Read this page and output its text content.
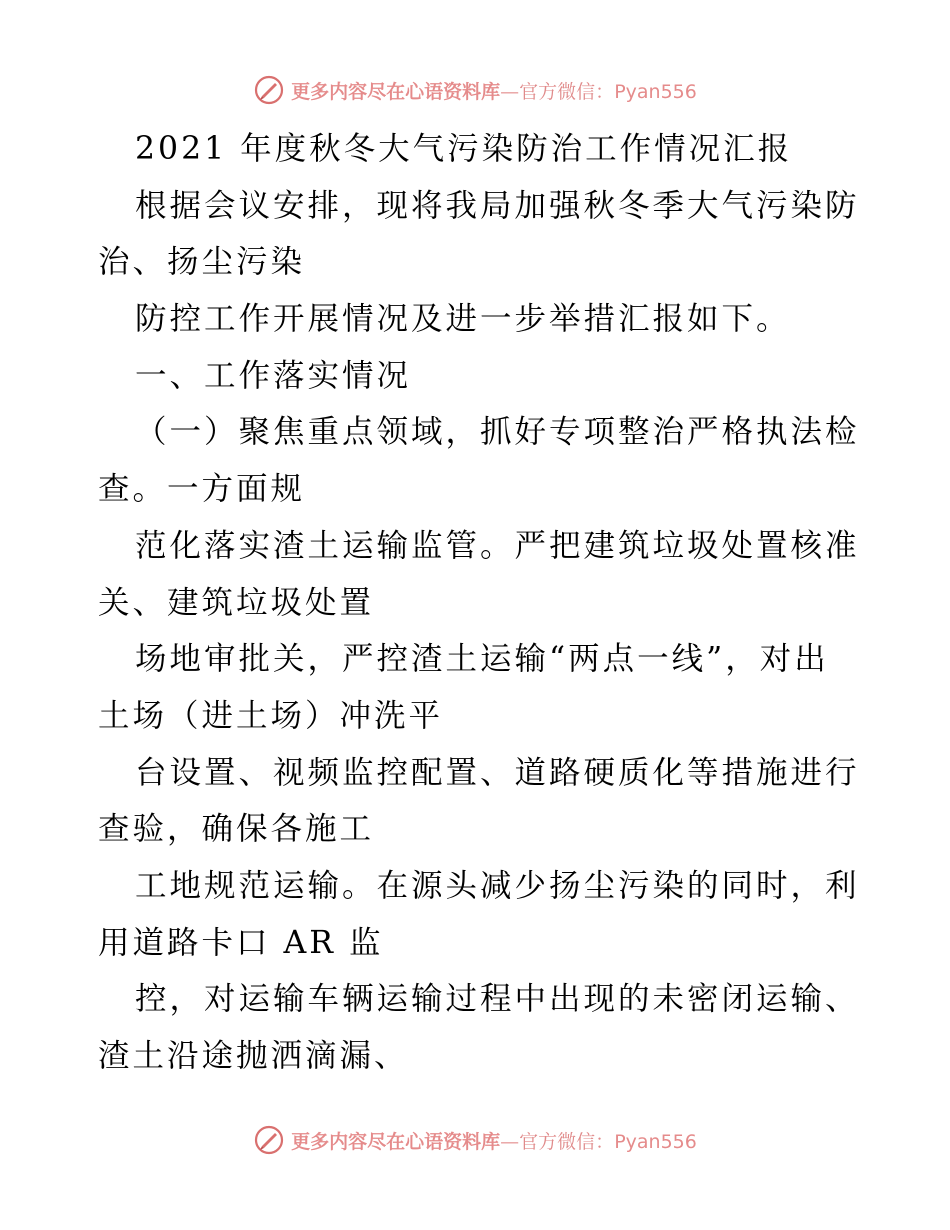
更多内容尽在心语资料库—官方微信：Pyan556
2021 年度秋冬大气污染防治工作情况汇报
根据会议安排，现将我局加强秋冬季大气污染防
治、扬尘污染
防控工作开展情况及进一步举措汇报如下。
一、工作落实情况
（一）聚焦重点领域，抓好专项整治严格执法检
查。一方面规
范化落实渣土运输监管。严把建筑垃圾处置核准
关、建筑垃圾处置
场地审批关，严控渣土运输“两点一线”，对出
土场（进土场）冲洗平
台设置、视频监控配置、道路硬质化等措施进行
查验，确保各施工
工地规范运输。在源头减少扬尘污染的同时，利
用道路卡口 AR 监
控，对运输车辆运输过程中出现的未密闭运输、
渣土沿途抛洒滴漏、
更多内容尽在心语资料库—官方微信：Pyan556
